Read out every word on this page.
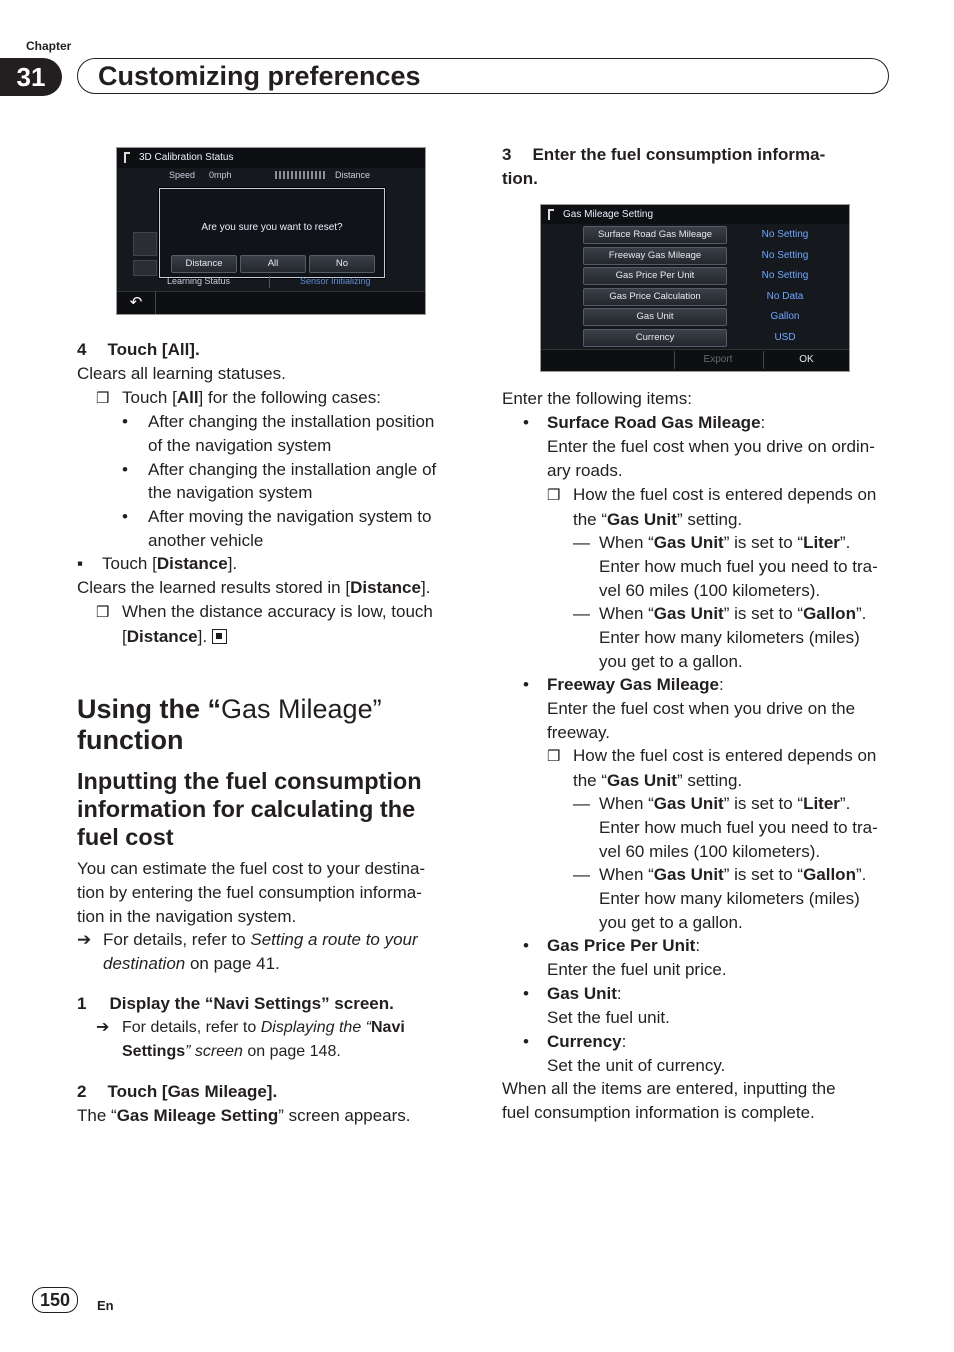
Chapter
31	Customizing preferences
3D Calibration Status
Speed 0mph	Distance
Are you sure you want to reset?
Distance	All	No
Learning Status	Sensor Initializing
↶
4 Touch [All].
Clears all learning statuses.
❒ Touch [All] for the following cases:
• After changing the installation position
of the navigation system
• After changing the installation angle of
the navigation system
• After moving the navigation system to
another vehicle
▪ Touch [Distance].
Clears the learned results stored in [Distance].
❒ When the distance accuracy is low, touch
[Distance].
Using the “Gas Mileage”
function
Inputting the fuel consumption
information for calculating the
fuel cost
You can estimate the fuel cost to your destina-
tion by entering the fuel consumption informa-
tion in the navigation system.
➔ For details, refer to Setting a route to your
destination on page 41.
1 Display the “Navi Settings” screen.
➔ For details, refer to Displaying the “Navi
Settings” screen on page 148.
2 Touch [Gas Mileage].
The “Gas Mileage Setting” screen appears.
3 Enter the fuel consumption informa-
tion.
Gas Mileage Setting
Surface Road Gas Mileage	No Setting
Freeway Gas Mileage	No Setting
Gas Price Per Unit	No Setting
Gas Price Calculation	No Data
Gas Unit	Gallon
Currency	USD
Export	OK
Enter the following items:
• Surface Road Gas Mileage:
Enter the fuel cost when you drive on ordin-
ary roads.
❒ How the fuel cost is entered depends on
the “Gas Unit” setting.
— When “Gas Unit” is set to “Liter”.
Enter how much fuel you need to tra-
vel 60 miles (100 kilometers).
— When “Gas Unit” is set to “Gallon”.
Enter how many kilometers (miles)
you get to a gallon.
• Freeway Gas Mileage:
Enter the fuel cost when you drive on the
freeway.
❒ How the fuel cost is entered depends on
the “Gas Unit” setting.
— When “Gas Unit” is set to “Liter”.
Enter how much fuel you need to tra-
vel 60 miles (100 kilometers).
— When “Gas Unit” is set to “Gallon”.
Enter how many kilometers (miles)
you get to a gallon.
• Gas Price Per Unit:
Enter the fuel unit price.
• Gas Unit:
Set the fuel unit.
• Currency:
Set the unit of currency.
When all the items are entered, inputting the
fuel consumption information is complete.
150	En
